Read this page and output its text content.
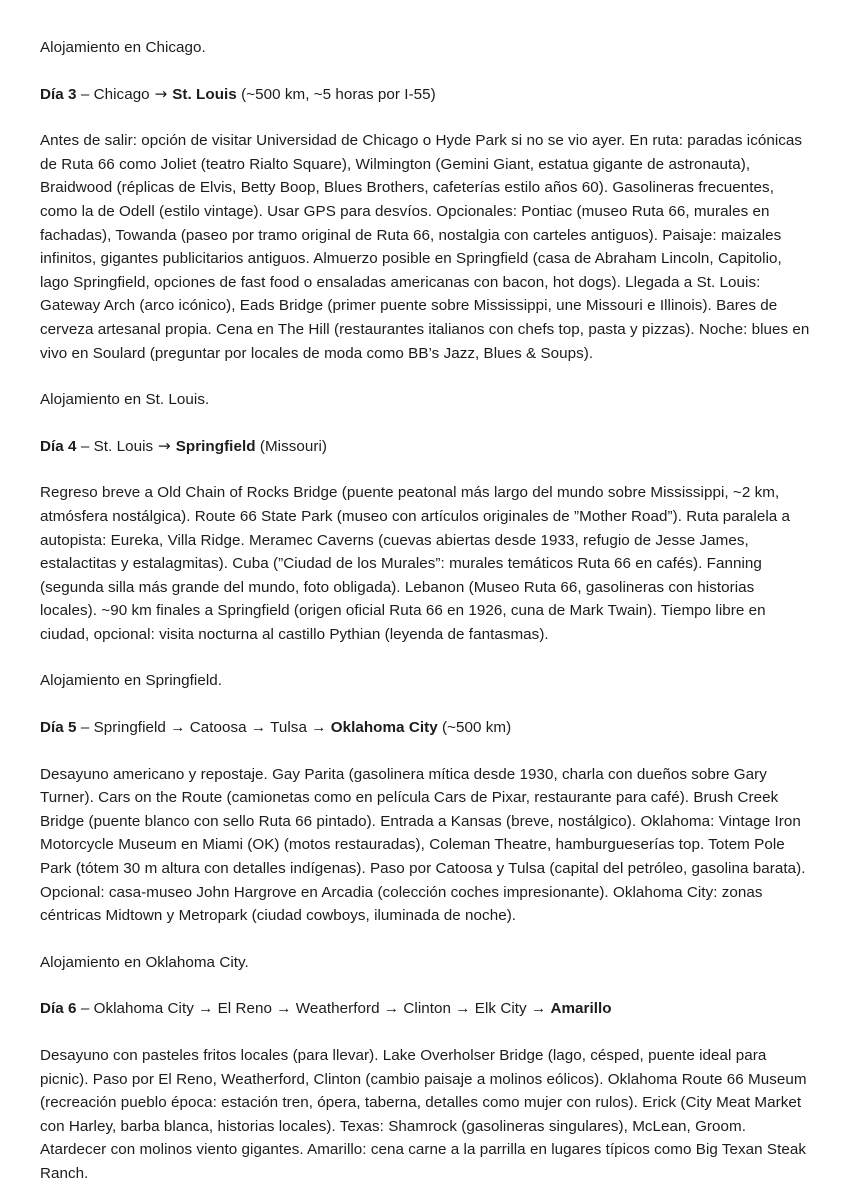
Alojamiento en Chicago.

Día 3 – Chicago → St. Louis (~500 km, ~5 horas por I-55)

Antes de salir: opción de visitar Universidad de Chicago o Hyde Park si no se vio ayer. En ruta: paradas icónicas de Ruta 66 como Joliet (teatro Rialto Square), Wilmington (Gemini Giant, estatua gigante de astronauta), Braidwood (réplicas de Elvis, Betty Boop, Blues Brothers, cafeterías estilo años 60). Gasolineras frecuentes, como la de Odell (estilo vintage). Usar GPS para desvíos. Opcionales: Pontiac (museo Ruta 66, murales en fachadas), Towanda (paseo por tramo original de Ruta 66, nostalgia con carteles antiguos). Paisaje: maizales infinitos, gigantes publicitarios antiguos. Almuerzo posible en Springfield (casa de Abraham Lincoln, Capitolio, lago Springfield, opciones de fast food o ensaladas americanas con bacon, hot dogs). Llegada a St. Louis: Gateway Arch (arco icónico), Eads Bridge (primer puente sobre Mississippi, une Missouri e Illinois). Bares de cerveza artesanal propia. Cena en The Hill (restaurantes italianos con chefs top, pasta y pizzas). Noche: blues en vivo en Soulard (preguntar por locales de moda como BB’s Jazz, Blues & Soups).

Alojamiento en St. Louis.

Día 4 – St. Louis → Springfield (Missouri)

Regreso breve a Old Chain of Rocks Bridge (puente peatonal más largo del mundo sobre Mississippi, ~2 km, atmósfera nostálgica). Route 66 State Park (museo con artículos originales de ”Mother Road”). Ruta paralela a autopista: Eureka, Villa Ridge. Meramec Caverns (cuevas abiertas desde 1933, refugio de Jesse James, estalactitas y estalagmitas). Cuba (”Ciudad de los Murales”: murales temáticos Ruta 66 en cafés). Fanning (segunda silla más grande del mundo, foto obligada). Lebanon (Museo Ruta 66, gasolineras con historias locales). ~90 km finales a Springfield (origen oficial Ruta 66 en 1926, cuna de Mark Twain). Tiempo libre en ciudad, opcional: visita nocturna al castillo Pythian (leyenda de fantasmas).

Alojamiento en Springfield.

Día 5 – Springfield → Catoosa → Tulsa → Oklahoma City (~500 km)

Desayuno americano y repostaje. Gay Parita (gasolinera mítica desde 1930, charla con dueños sobre Gary Turner). Cars on the Route (camionetas como en película Cars de Pixar, restaurante para café). Brush Creek Bridge (puente blanco con sello Ruta 66 pintado). Entrada a Kansas (breve, nostálgico). Oklahoma: Vintage Iron Motorcycle Museum en Miami (OK) (motos restauradas), Coleman Theatre, hamburgueserías top. Totem Pole Park (tótem 30 m altura con detalles indígenas). Paso por Catoosa y Tulsa (capital del petróleo, gasolina barata). Opcional: casa-museo John Hargrove en Arcadia (colección coches impresionante). Oklahoma City: zonas céntricas Midtown y Metropark (ciudad cowboys, iluminada de noche).

Alojamiento en Oklahoma City.

Día 6 – Oklahoma City → El Reno → Weatherford → Clinton → Elk City → Amarillo

Desayuno con pasteles fritos locales (para llevar). Lake Overholser Bridge (lago, césped, puente ideal para picnic). Paso por El Reno, Weatherford, Clinton (cambio paisaje a molinos eólicos). Oklahoma Route 66 Museum (recreación pueblo época: estación tren, ópera, taberna, detalles como mujer con rulos). Erick (City Meat Market con Harley, barba blanca, historias locales). Texas: Shamrock (gasolineras singulares), McLean, Groom. Atardecer con molinos viento gigantes. Amarillo: cena carne a la parrilla en lugares típicos como Big Texan Steak Ranch.
